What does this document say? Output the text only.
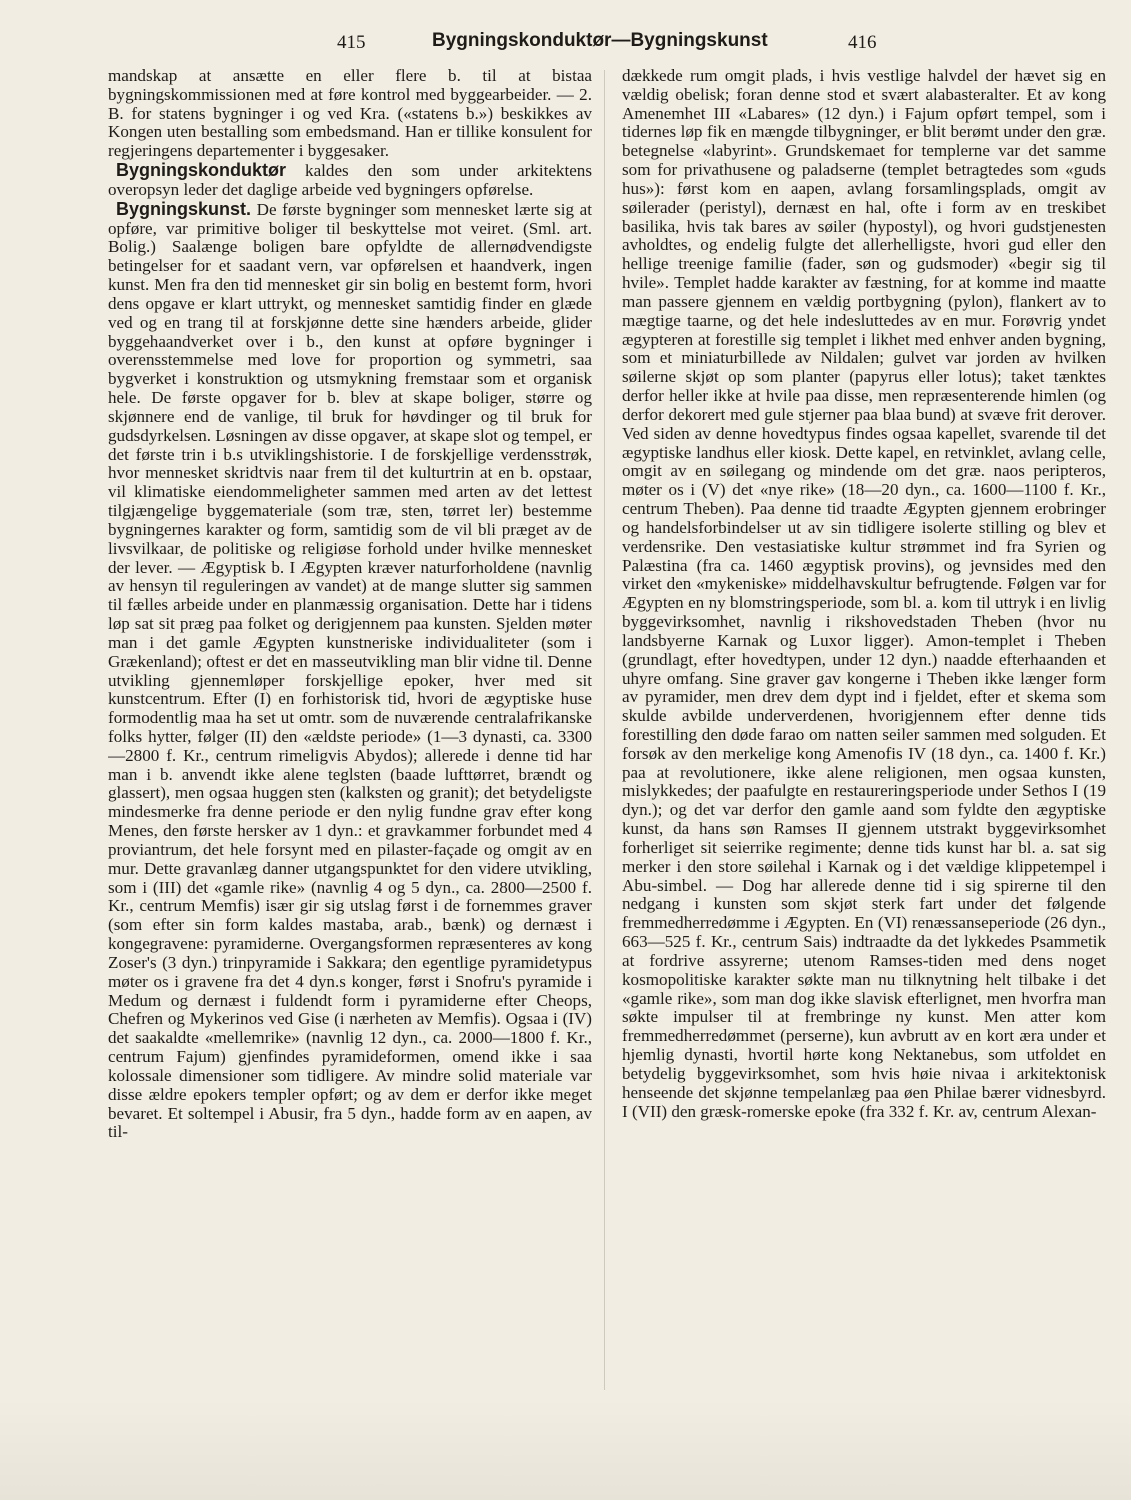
415	Bygningskonduktør—Bygningskunst	416

mandskap at ansætte en eller flere b. til at bistaa bygningskommissionen med at føre kontrol med byggearbeider. — 2. B. for statens bygninger i og ved Kra. («statens b.») beskikkes av Kongen uten bestalling som embedsmand. Han er tillike konsulent for regjeringens departementer i byggesaker.

Bygningskonduktør kaldes den som under arkitektens overopsyn leder det daglige arbeide ved bygningers opførelse.

Bygningskunst. De første bygninger som mennesket lærte sig at opføre, var primitive boliger til beskyttelse mot veiret. (Sml. art. Bolig.) Saalænge boligen bare opfyldte de allernødvendigste betingelser for et saadant vern, var opførelsen et haandverk, ingen kunst. Men fra den tid mennesket gir sin bolig en bestemt form, hvori dens opgave er klart uttrykt, og mennesket samtidig finder en glæde ved og en trang til at forskjønne dette sine hænders arbeide, glider byggehaandverket over i b., den kunst at opføre bygninger i overensstemmelse med love for proportion og symmetri, saa bygverket i konstruktion og utsmykning fremstaar som et organisk hele. De første opgaver for b. blev at skape boliger, større og skjønnere end de vanlige, til bruk for høvdinger og til bruk for gudsdyrkelsen. Løsningen av disse opgaver, at skape slot og tempel, er det første trin i b.s utviklingshistorie. I de forskjellige verdensstrøk, hvor mennesket skridtvis naar frem til det kulturtrin at en b. opstaar, vil klimatiske eiendommeligheter sammen med arten av det lettest tilgjængelige byggemateriale (som træ, sten, tørret ler) bestemme bygningernes karakter og form, samtidig som de vil bli præget av de livsvilkaar, de politiske og religiøse forhold under hvilke mennesket der lever. — Ægyptisk b. I Ægypten kræver naturforholdene (navnlig av hensyn til reguleringen av vandet) at de mange slutter sig sammen til fælles arbeide under en planmæssig organisation. Dette har i tidens løp sat sit præg paa folket og derigjennem paa kunsten. Sjelden møter man i det gamle Ægypten kunstneriske individualiteter (som i Grækenland); oftest er det en masseutvikling man blir vidne til. Denne utvikling gjennemløper forskjellige epoker, hver med sit kunstcentrum. Efter (I) en forhistorisk tid, hvori de ægyptiske huse formodentlig maa ha set ut omtr. som de nuværende centralafrikanske folks hytter, følger (II) den «ældste periode» (1—3 dynasti, ca. 3300—2800 f. Kr., centrum rimeligvis Abydos); allerede i denne tid har man i b. anvendt ikke alene teglsten (baade lufttørret, brændt og glassert), men ogsaa huggen sten (kalksten og granit); det betydeligste mindesmerke fra denne periode er den nylig fundne grav efter kong Menes, den første hersker av 1 dyn.: et gravkammer forbundet med 4 proviantrum, det hele forsynt med en pilaster-façade og omgit av en mur. Dette gravanlæg danner utgangspunktet for den videre utvikling, som i (III) det «gamle rike» (navnlig 4 og 5 dyn., ca. 2800—2500 f. Kr., centrum Memfis) især gir sig utslag først i de fornemmes graver (som efter sin form kaldes mastaba, arab., bænk) og dernæst i kongegravene: pyramiderne. Overgangsformen repræsenteres av kong Zoser's (3 dyn.) trinpyramide i Sakkara; den egentlige pyramidetypus møter os i gravene fra det 4 dyn.s konger, først i Snofru's pyramide i Medum og dernæst i fuldendt form i pyramiderne efter Cheops, Chefren og Mykerinos ved Gise (i nærheten av Memfis). Ogsaa i (IV) det saakaldte «mellemrike» (navnlig 12 dyn., ca. 2000—1800 f. Kr., centrum Fajum) gjenfindes pyramideformen, omend ikke i saa kolossale dimensioner som tidligere. Av mindre solid materiale var disse ældre epokers templer opført; og av dem er derfor ikke meget bevaret. Et soltempel i Abusir, fra 5 dyn., hadde form av en aapen, av til-

dækkede rum omgit plads, i hvis vestlige halvdel der hævet sig en vældig obelisk; foran denne stod et svært alabasteralter. Et av kong Amenemhet III «Labares» (12 dyn.) i Fajum opført tempel, som i tidernes løp fik en mængde tilbygninger, er blit berømt under den græ. betegnelse «labyrint». Grundskemaet for templerne var det samme som for privathusene og paladserne (templet betragtedes som «guds hus»): først kom en aapen, avlang forsamlingsplads, omgit av søilerader (peristyl), dernæst en hal, ofte i form av en treskibet basilika, hvis tak bares av søiler (hypostyl), og hvori gudstjenesten avholdtes, og endelig fulgte det allerhelligste, hvori gud eller den hellige treenige familie (fader, søn og gudsmoder) «begir sig til hvile». Templet hadde karakter av fæstning, for at komme ind maatte man passere gjennem en vældig portbygning (pylon), flankert av to mægtige taarne, og det hele indesluttedes av en mur. Forøvrig yndet ægypteren at forestille sig templet i likhet med enhver anden bygning, som et miniaturbillede av Nildalen; gulvet var jorden av hvilken søilerne skjøt op som planter (papyrus eller lotus); taket tænktes derfor heller ikke at hvile paa disse, men repræsenterende himlen (og derfor dekorert med gule stjerner paa blaa bund) at svæve frit derover. Ved siden av denne hovedtypus findes ogsaa kapellet, svarende til det ægyptiske landhus eller kiosk. Dette kapel, en retvinklet, avlang celle, omgit av en søilegang og mindende om det græ. naos peripteros, møter os i (V) det «nye rike» (18—20 dyn., ca. 1600—1100 f. Kr., centrum Theben). Paa denne tid traadte Ægypten gjennem erobringer og handelsforbindelser ut av sin tidligere isolerte stilling og blev et verdensrike. Den vestasiatiske kultur strømmet ind fra Syrien og Palæstina (fra ca. 1460 ægyptisk provins), og jevnsides med den virket den «mykeniske» middelhavskultur befrugtende. Følgen var for Ægypten en ny blomstringsperiode, som bl. a. kom til uttryk i en livlig byggevirksomhet, navnlig i rikshovedstaden Theben (hvor nu landsbyerne Karnak og Luxor ligger). Amon-templet i Theben (grundlagt, efter hovedtypen, under 12 dyn.) naadde efterhaanden et uhyre omfang. Sine graver gav kongerne i Theben ikke længer form av pyramider, men drev dem dypt ind i fjeldet, efter et skema som skulde avbilde underverdenen, hvorigjennem efter denne tids forestilling den døde farao om natten seiler sammen med solguden. Et forsøk av den merkelige kong Amenofis IV (18 dyn., ca. 1400 f. Kr.) paa at revolutionere, ikke alene religionen, men ogsaa kunsten, mislykkedes; der paafulgte en restaureringsperiode under Sethos I (19 dyn.); og det var derfor den gamle aand som fyldte den ægyptiske kunst, da hans søn Ramses II gjennem utstrakt byggevirksomhet forherliget sit seierrike regimente; denne tids kunst har bl. a. sat sig merker i den store søilehal i Karnak og i det vældige klippetempel i Abu-simbel. — Dog har allerede denne tid i sig spirerne til den nedgang i kunsten som skjøt sterk fart under det følgende fremmedherredømme i Ægypten. En (VI) renæssanseperiode (26 dyn., 663—525 f. Kr., centrum Sais) indtraadte da det lykkedes Psammetik at fordrive assyrerne; utenom Ramses-tiden med dens noget kosmopolitiske karakter søkte man nu tilknytning helt tilbake i det «gamle rike», som man dog ikke slavisk efterlignet, men hvorfra man søkte impulser til at frembringe ny kunst. Men atter kom fremmedherredømmet (perserne), kun avbrutt av en kort æra under et hjemlig dynasti, hvortil hørte kong Nektanebus, som utfoldet en betydelig byggevirksomhet, som hvis høie nivaa i arkitektonisk henseende det skjønne tempelanlæg paa øen Philae bærer vidnesbyrd. I (VII) den græsk-romerske epoke (fra 332 f. Kr. av, centrum Alexan-
